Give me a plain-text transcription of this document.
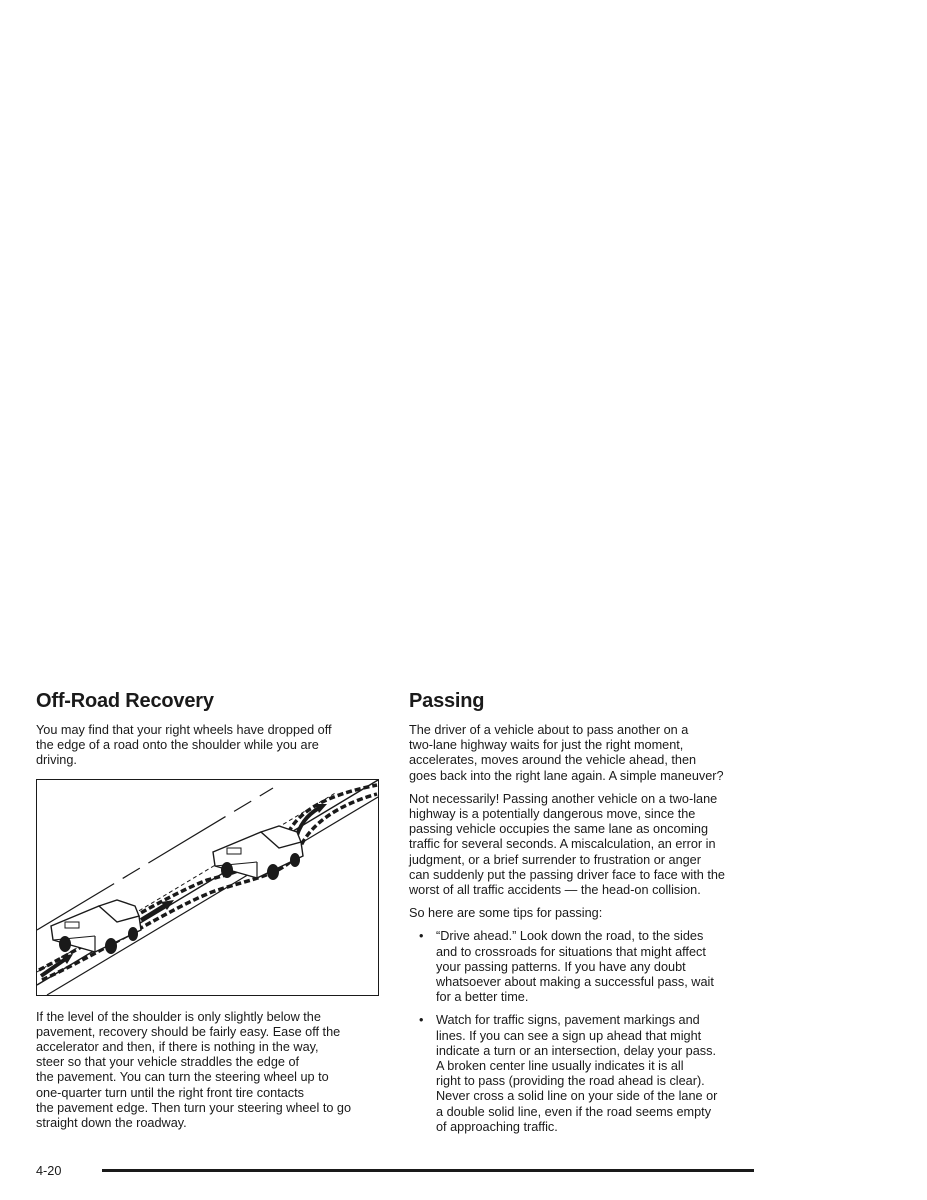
Off-Road Recovery

You may find that your right wheels have dropped off
the edge of a road onto the shoulder while you are
driving.

If the level of the shoulder is only slightly below the
pavement, recovery should be fairly easy. Ease off the
accelerator and then, if there is nothing in the way,
steer so that your vehicle straddles the edge of
the pavement. You can turn the steering wheel up to
one-quarter turn until the right front tire contacts
the pavement edge. Then turn your steering wheel to go
straight down the roadway.

Passing

The driver of a vehicle about to pass another on a
two-lane highway waits for just the right moment,
accelerates, moves around the vehicle ahead, then
goes back into the right lane again. A simple maneuver?

Not necessarily! Passing another vehicle on a two-lane
highway is a potentially dangerous move, since the
passing vehicle occupies the same lane as oncoming
traffic for several seconds. A miscalculation, an error in
judgment, or a brief surrender to frustration or anger
can suddenly put the passing driver face to face with the
worst of all traffic accidents — the head-on collision.

So here are some tips for passing:

• “Drive ahead.” Look down the road, to the sides
and to crossroads for situations that might affect
your passing patterns. If you have any doubt
whatsoever about making a successful pass, wait
for a better time.
• Watch for traffic signs, pavement markings and
lines. If you can see a sign up ahead that might
indicate a turn or an intersection, delay your pass.
A broken center line usually indicates it is all
right to pass (providing the road ahead is clear).
Never cross a solid line on your side of the lane or
a double solid line, even if the road seems empty
of approaching traffic.
4-20
